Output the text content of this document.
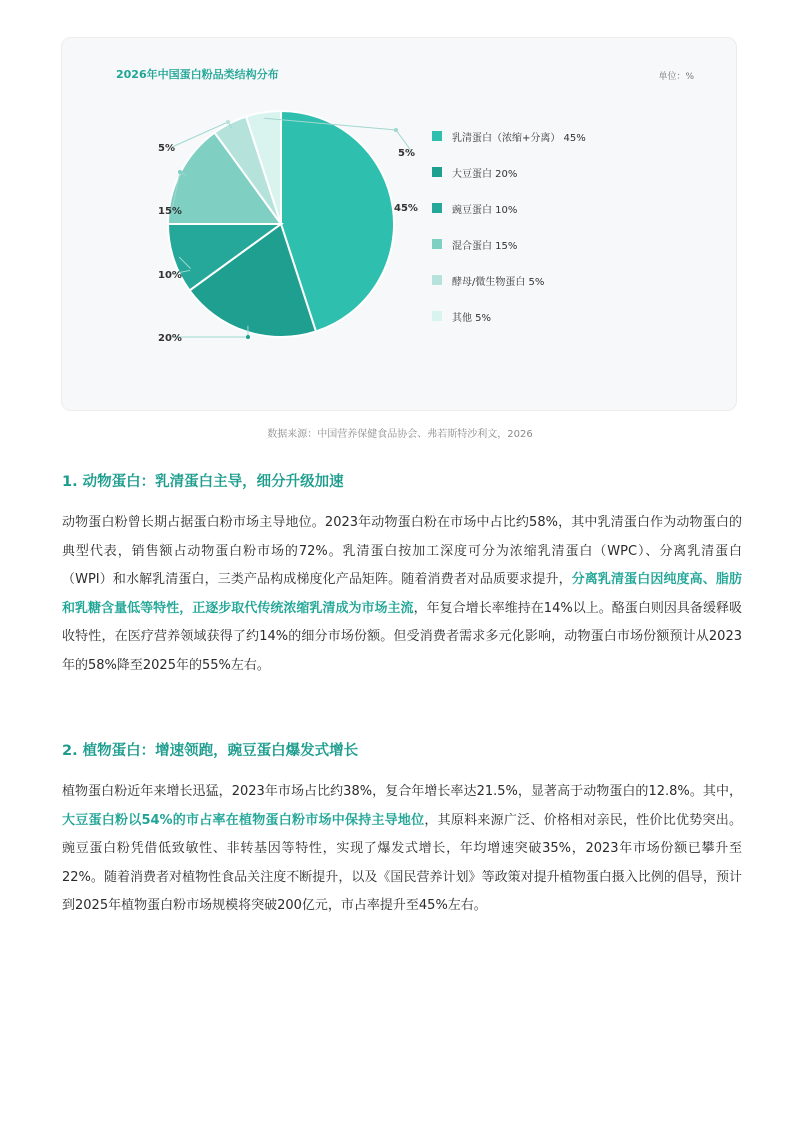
2026年中国蛋白粉品类结构分布	单位：%
45%
20%
10%
15%
5%	5%
乳清蛋白（浓缩+分离） 45%
大豆蛋白 20%
豌豆蛋白 10%
混合蛋白 15%
酵母/微生物蛋白 5%
其他 5%
数据来源：中国营养保健食品协会、弗若斯特沙利文，2026
1. 动物蛋白：乳清蛋白主导，细分升级加速

动物蛋白粉曾长期占据蛋白粉市场主导地位。2023年动物蛋白粉在市场中占比约58%，其中乳清蛋白作为动物蛋白的典型代表，销售额占动物蛋白粉市场的72%。乳清蛋白按加工深度可分为浓缩乳清蛋白（WPC）、分离乳清蛋白（WPI）和水解乳清蛋白，三类产品构成梯度化产品矩阵。随着消费者对品质要求提升，分离乳清蛋白因纯度高、脂肪和乳糖含量低等特性，正逐步取代传统浓缩乳清成为市场主流，年复合增长率维持在14%以上。酪蛋白则因具备缓释吸收特性，在医疗营养领域获得了约14%的细分市场份额。但受消费者需求多元化影响，动物蛋白市场份额预计从2023年的58%降至2025年的55%左右。

2. 植物蛋白：增速领跑，豌豆蛋白爆发式增长

植物蛋白粉近年来增长迅猛，2023年市场占比约38%，复合年增长率达21.5%，显著高于动物蛋白的12.8%。其中，大豆蛋白粉以54%的市占率在植物蛋白粉市场中保持主导地位，其原料来源广泛、价格相对亲民，性价比优势突出。豌豆蛋白粉凭借低致敏性、非转基因等特性，实现了爆发式增长，年均增速突破35%，2023年市场份额已攀升至22%。随着消费者对植物性食品关注度不断提升，以及《国民营养计划》等政策对提升植物蛋白摄入比例的倡导，预计到2025年植物蛋白粉市场规模将突破200亿元，市占率提升至45%左右。
